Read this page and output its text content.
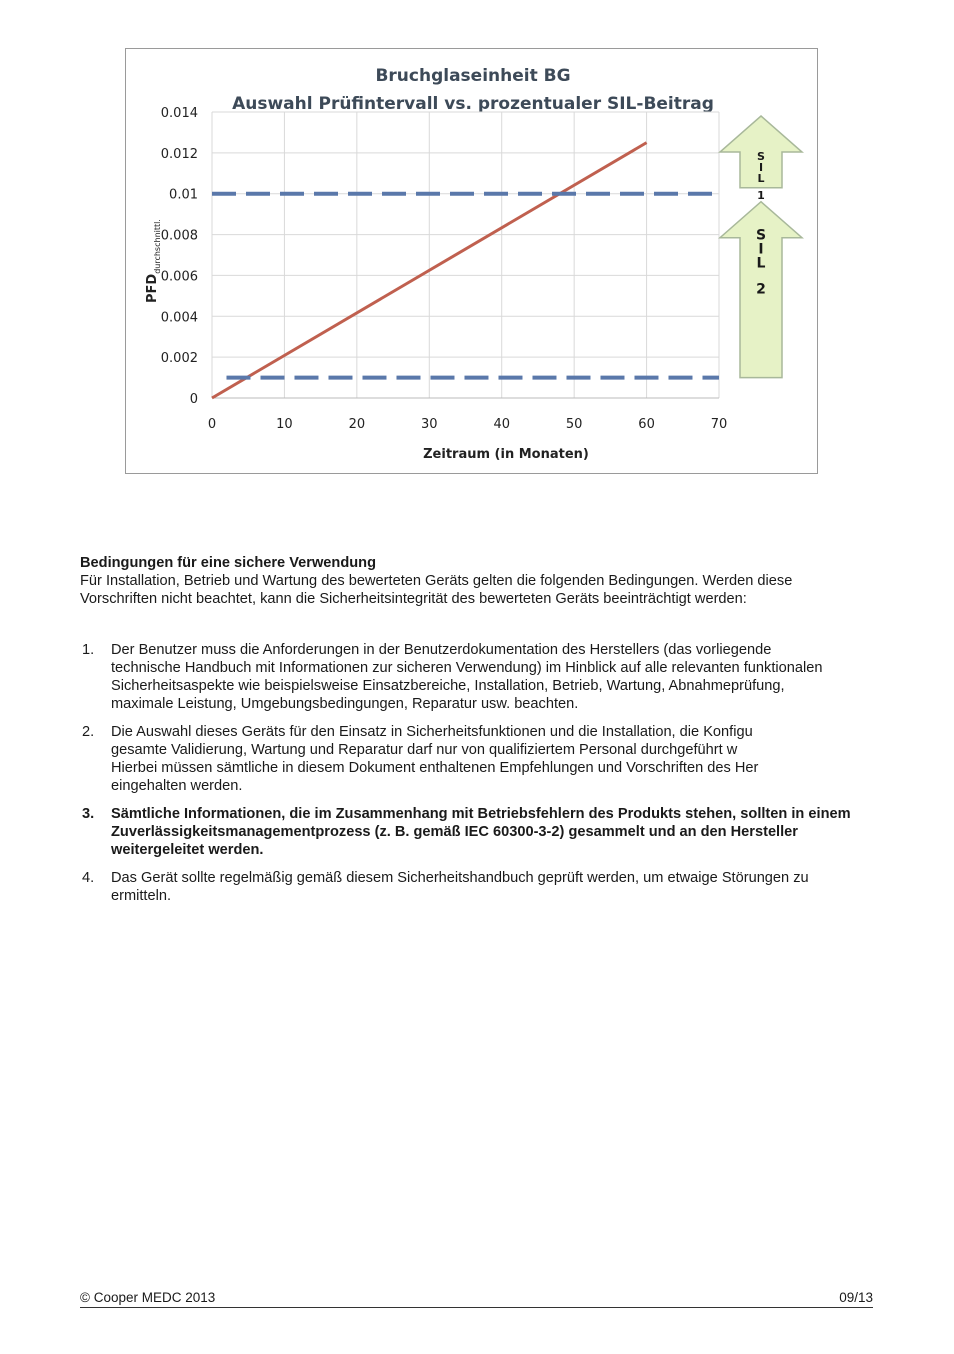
Bruchglaseinheit BG
Auswahl Prüfintervall vs. prozentualer SIL-Beitrag
0	10	20	30	40	50	60	70
0
0.002
0.004
0.006
0.008
0.01
0.012
0.014
S
I
L
1
S
I
L
2
Zeitraum (in Monaten)
$PFD_{durchschnittl.}$

Bedingungen für eine sichere Verwendung

Für Installation, Betrieb und Wartung des bewerteten Geräts gelten die folgenden Bedingungen. Werden diese
Vorschriften nicht beachtet, kann die Sicherheitsintegrität des bewerteten Geräts beeinträchtigt werden:

1. Der Benutzer muss die Anforderungen in der Benutzerdokumentation des Herstellers (das vorliegende
technische Handbuch mit Informationen zur sicheren Verwendung) im Hinblick auf alle relevanten funktionalen
Sicherheitsaspekte wie beispielsweise Einsatzbereiche, Installation, Betrieb, Wartung, Abnahmeprüfung,
maximale Leistung, Umgebungsbedingungen, Reparatur usw. beachten.
2. Die Auswahl dieses Geräts für den Einsatz in Sicherheitsfunktionen und die Installation, die Konfigu
gesamte Validierung, Wartung und Reparatur darf nur von qualifiziertem Personal durchgeführt w
Hierbei müssen sämtliche in diesem Dokument enthaltenen Empfehlungen und Vorschriften des Her
eingehalten werden.
3. Sämtliche Informationen, die im Zusammenhang mit Betriebsfehlern des Produkts stehen, sollten in einem
Zuverlässigkeitsmanagementprozess (z. B. gemäß IEC 60300-3-2) gesammelt und an den Hersteller
weitergeleitet werden.
4. Das Gerät sollte regelmäßig gemäß diesem Sicherheitshandbuch geprüft werden, um etwaige Störungen zu
ermitteln.
© Cooper MEDC 2013	09/13
